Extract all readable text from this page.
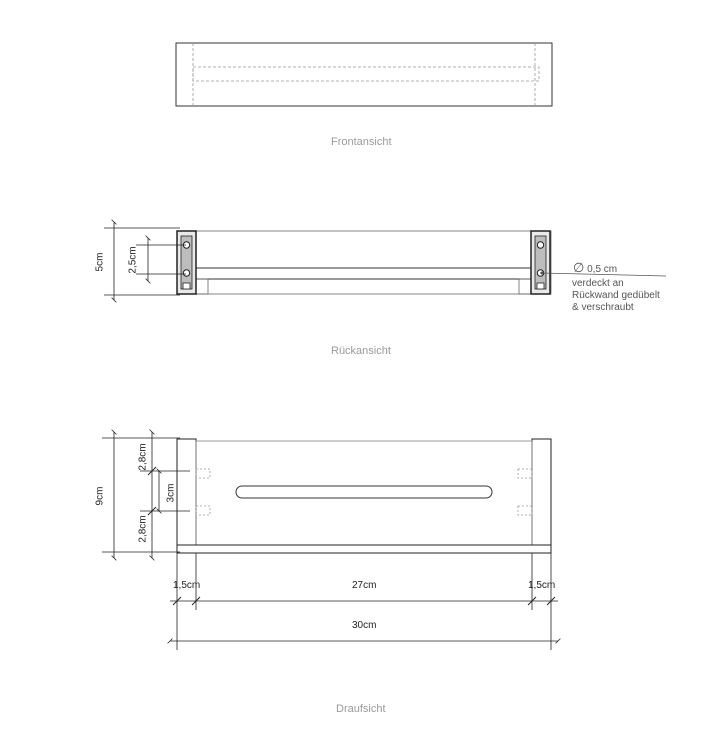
Frontansicht
Rückansicht
Draufsicht
5cm 2,5cm
9cm
2,8cm
3cm
2,8cm
1,5cm	27cm	1,5cm
30cm
∅ 0,5 cm
verdeckt an
Rückwand gedübelt
& verschraubt
